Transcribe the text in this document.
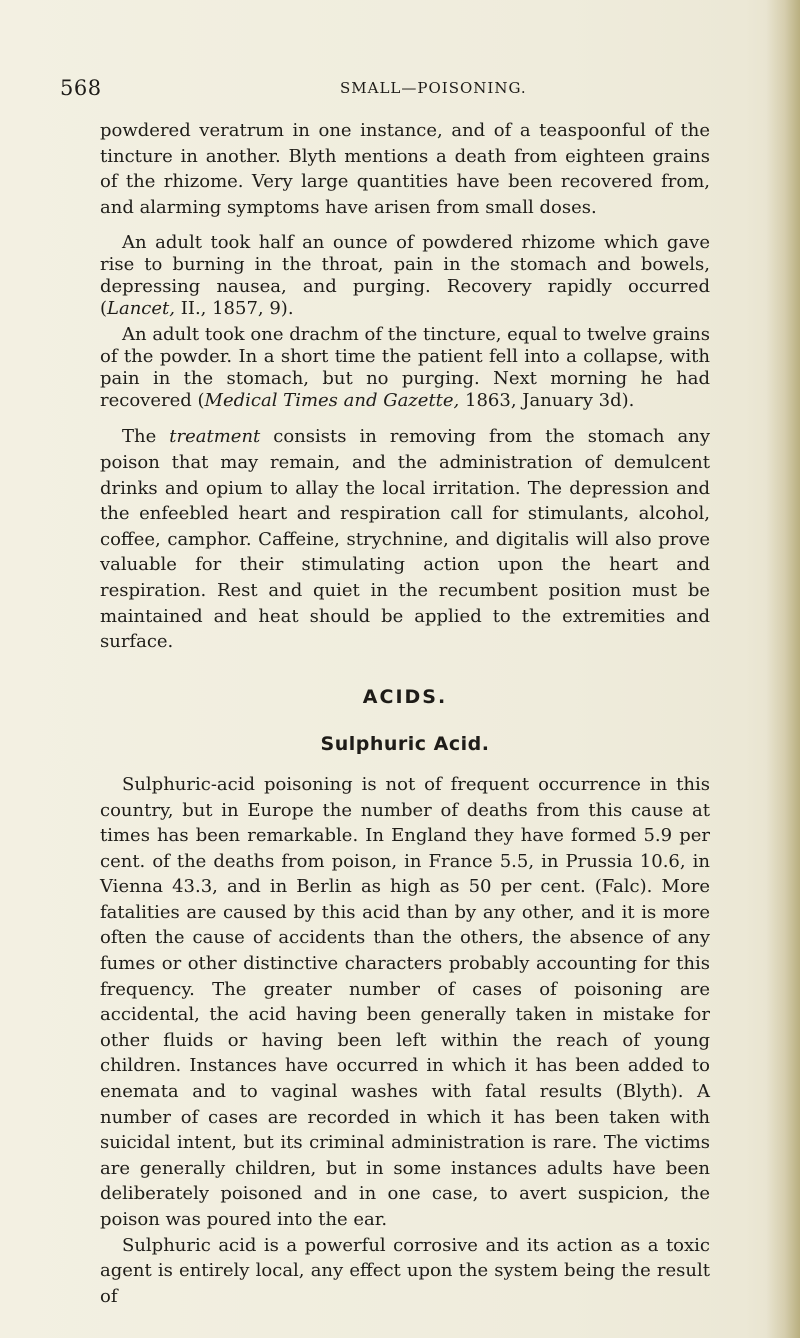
568	SMALL—POISONING.

powdered veratrum in one instance, and of a teaspoonful of the tincture in another. Blyth mentions a death from eighteen grains of the rhizome. Very large quantities have been recovered from, and alarming symptoms have arisen from small doses.

An adult took half an ounce of powdered rhizome which gave rise to burning in the throat, pain in the stomach and bowels, depressing nausea, and purging. Recovery rapidly occurred (Lancet, II., 1857, 9).

An adult took one drachm of the tincture, equal to twelve grains of the powder. In a short time the patient fell into a collapse, with pain in the stomach, but no purging. Next morning he had recovered (Medical Times and Gazette, 1863, January 3d).

The treatment consists in removing from the stomach any poison that may remain, and the administration of demulcent drinks and opium to allay the local irritation. The depression and the enfeebled heart and respiration call for stimulants, alcohol, coffee, camphor. Caffeine, strychnine, and digitalis will also prove valuable for their stimulating action upon the heart and respiration. Rest and quiet in the recumbent position must be maintained and heat should be applied to the extremities and surface.

ACIDS.
Sulphuric Acid.

Sulphuric-acid poisoning is not of frequent occurrence in this country, but in Europe the number of deaths from this cause at times has been remarkable. In England they have formed 5.9 per cent. of the deaths from poison, in France 5.5, in Prussia 10.6, in Vienna 43.3, and in Berlin as high as 50 per cent. (Falc). More fatalities are caused by this acid than by any other, and it is more often the cause of accidents than the others, the absence of any fumes or other distinctive characters probably accounting for this frequency. The greater number of cases of poisoning are accidental, the acid having been generally taken in mistake for other fluids or having been left within the reach of young children. Instances have occurred in which it has been added to enemata and to vaginal washes with fatal results (Blyth). A number of cases are recorded in which it has been taken with suicidal intent, but its criminal administration is rare. The victims are generally children, but in some instances adults have been deliberately poisoned and in one case, to avert suspicion, the poison was poured into the ear.

Sulphuric acid is a powerful corrosive and its action as a toxic agent is entirely local, any effect upon the system being the result of
